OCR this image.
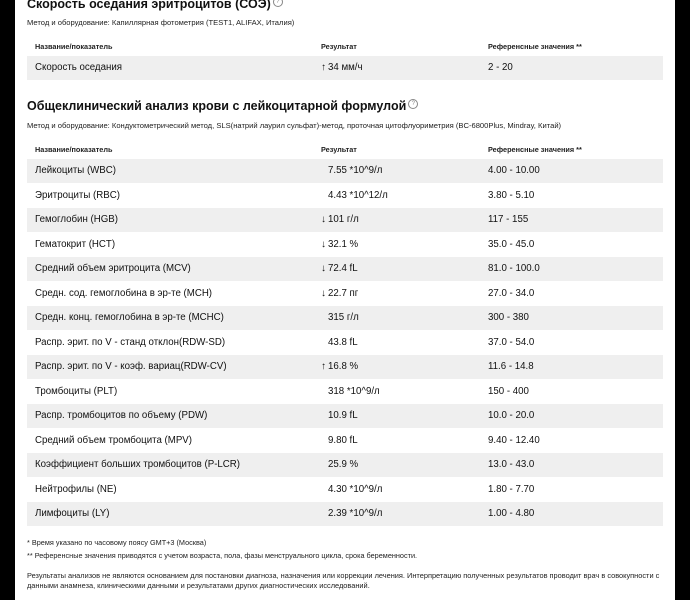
Скорость оседания эритроцитов (СОЭ) ?
Метод и оборудование: Капиллярная фотометрия (TEST1, ALIFAX, Италия)
Название/показатель	Результат	Референсные значения **
Скорость оседания	↑ 34 мм/ч	2 - 20
Общеклинический анализ крови с лейкоцитарной формулой ?
Метод и оборудование: Кондуктометрический метод, SLS(натрий лаурил сульфат)-метод, проточная цитофлуориметрия (BC-6800Plus, Mindray, Китай)
Название/показатель	Результат	Референсные значения **
Лейкоциты (WBC)	7.55 *10^9/л	4.00 - 10.00
Эритроциты (RBC)	4.43 *10^12/л	3.80 - 5.10
Гемоглобин (HGB)	↓ 101 г/л	117 - 155
Гематокрит (HCT)	↓ 32.1 %	35.0 - 45.0
Средний объем эритроцита (MCV)	↓ 72.4 fL	81.0 - 100.0
Средн. сод. гемоглобина в эр-те (MCH)	↓ 22.7 пг	27.0 - 34.0
Средн. конц. гемоглобина в эр-те (MCHC)	315 г/л	300 - 380
Распр. эрит. по V - станд отклон(RDW-SD)	43.8 fL	37.0 - 54.0
Распр. эрит. по V - коэф. вариац(RDW-CV)	↑ 16.8 %	11.6 - 14.8
Тромбоциты (PLT)	318 *10^9/л	150 - 400
Распр. тромбоцитов по объему (PDW)	10.9 fL	10.0 - 20.0
Средний объем тромбоцита (MPV)	9.80 fL	9.40 - 12.40
Коэффициент больших тромбоцитов (P-LCR)	25.9 %	13.0 - 43.0
Нейтрофилы (NE)	4.30 *10^9/л	1.80 - 7.70
Лимфоциты (LY)	2.39 *10^9/л	1.00 - 4.80
* Время указано по часовому поясу GMT+3 (Москва)
** Референсные значения приводятся с учетом возраста, пола, фазы менструального цикла, срока беременности.
Результаты анализов не являются основанием для постановки диагноза, назначения или коррекции лечения. Интерпретацию полученных результатов проводит врач в совокупности с данными анамнеза, клиническими данными и результатами других диагностических исследований.
